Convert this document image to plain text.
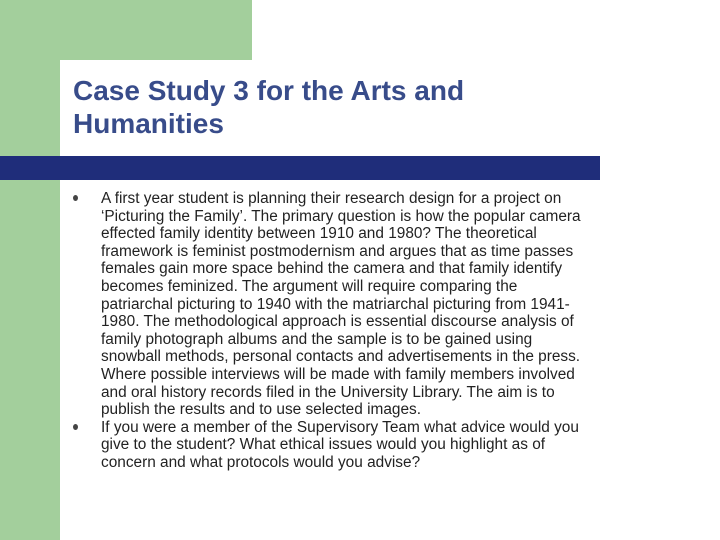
Case Study 3 for the Arts and
Humanities
A first year student is planning their research design for a project on
‘Picturing the Family’. The primary question is how the popular camera
effected family identity between 1910 and 1980? The theoretical
framework is feminist postmodernism and argues that as time passes
females gain more space behind the camera and that family identify
becomes feminized. The argument will require comparing the
patriarchal picturing to 1940 with the matriarchal picturing from 1941-
1980. The methodological approach is essential discourse analysis of
family photograph albums and the sample is to be gained using
snowball methods, personal contacts and advertisements in the press.
Where possible interviews will be made with family members involved
and oral history records filed in the University Library. The aim is to
publish the results and to use selected images.
If you were a member of the Supervisory Team what advice would you
give to the student? What ethical issues would you highlight as of
concern and what protocols would you advise?
